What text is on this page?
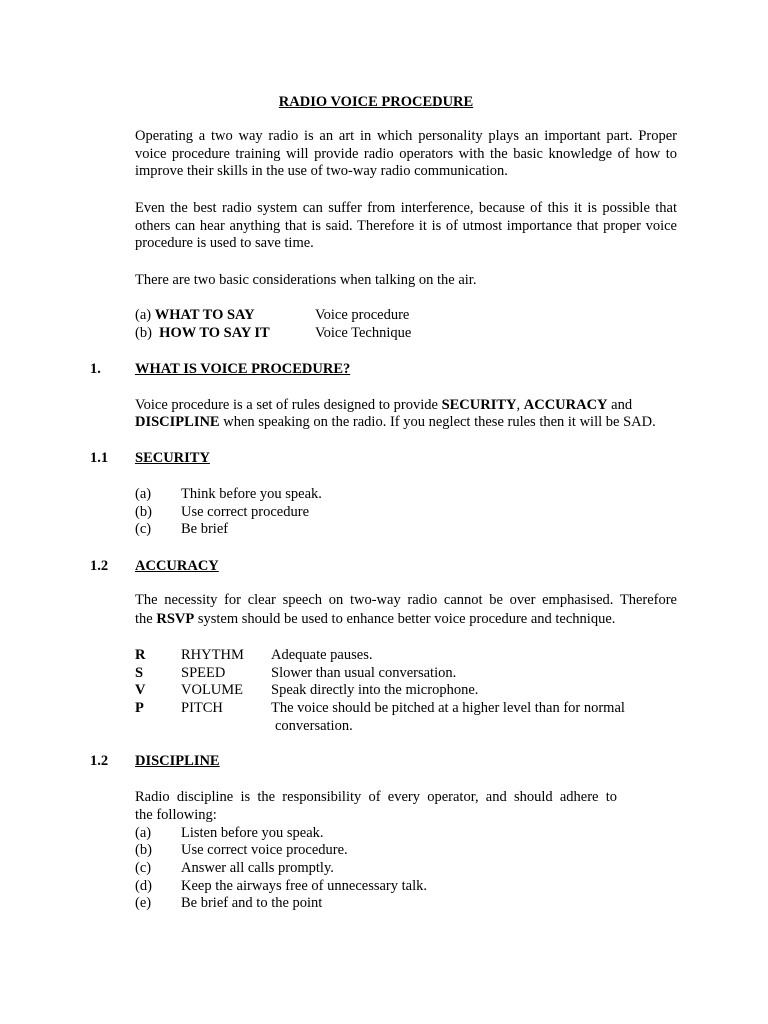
RADIO VOICE PROCEDURE
Operating a two way radio is an art in which personality plays an important part. Proper voice procedure training will provide radio operators with the basic knowledge of how to improve their skills in the use of two-way radio communication.
Even the best radio system can suffer from interference, because of this it is possible that others can hear anything that is said. Therefore it is of utmost importance that proper voice procedure is used to save time.
There are two basic considerations when talking on the air.
(a) WHAT TO SAY	Voice procedure
(b) HOW TO SAY IT	Voice Technique
1. WHAT IS VOICE PROCEDURE?
Voice procedure is a set of rules designed to provide SECURITY, ACCURACY and
DISCIPLINE when speaking on the radio. If you neglect these rules then it will be SAD.
1.1 SECURITY
(a) Think before you speak.
(b) Use correct procedure
(c) Be brief
1.2 ACCURACY
The necessity for clear speech on two-way radio cannot be over emphasised. Therefore
the RSVP system should be used to enhance better voice procedure and technique.
R RHYTHM Adequate pauses.
S	SPEED	Slower than usual conversation.
V VOLUME Speak directly into the microphone.
P	PITCH	The voice should be pitched at a higher level than for normal
conversation.
1.2 DISCIPLINE
Radio discipline is the responsibility of every operator, and should adhere to
the following:
(a) Listen before you speak.
(b) Use correct voice procedure.
(c) Answer all calls promptly.
(d) Keep the airways free of unnecessary talk.
(e) Be brief and to the point
